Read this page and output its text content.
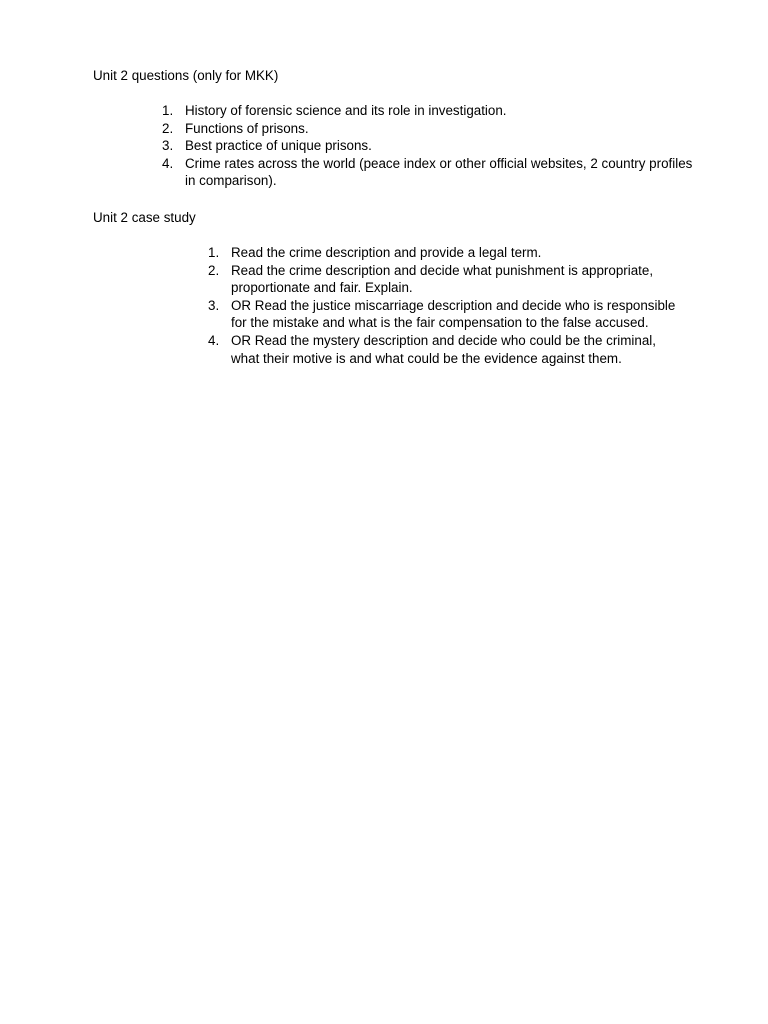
Unit 2 questions (only for MKK)

1. History of forensic science and its role in investigation.
2. Functions of prisons.
3. Best practice of unique prisons.
4. Crime rates across the world (peace index or other official websites, 2 country profiles in comparison).

Unit 2 case study

1. Read the crime description and provide a legal term.
2. Read the crime description and decide what punishment is appropriate, proportionate and fair. Explain.
3. OR Read the justice miscarriage description and decide who is responsible for the mistake and what is the fair compensation to the false accused.
4. OR Read the mystery description and decide who could be the criminal, what their motive is and what could be the evidence against them.
